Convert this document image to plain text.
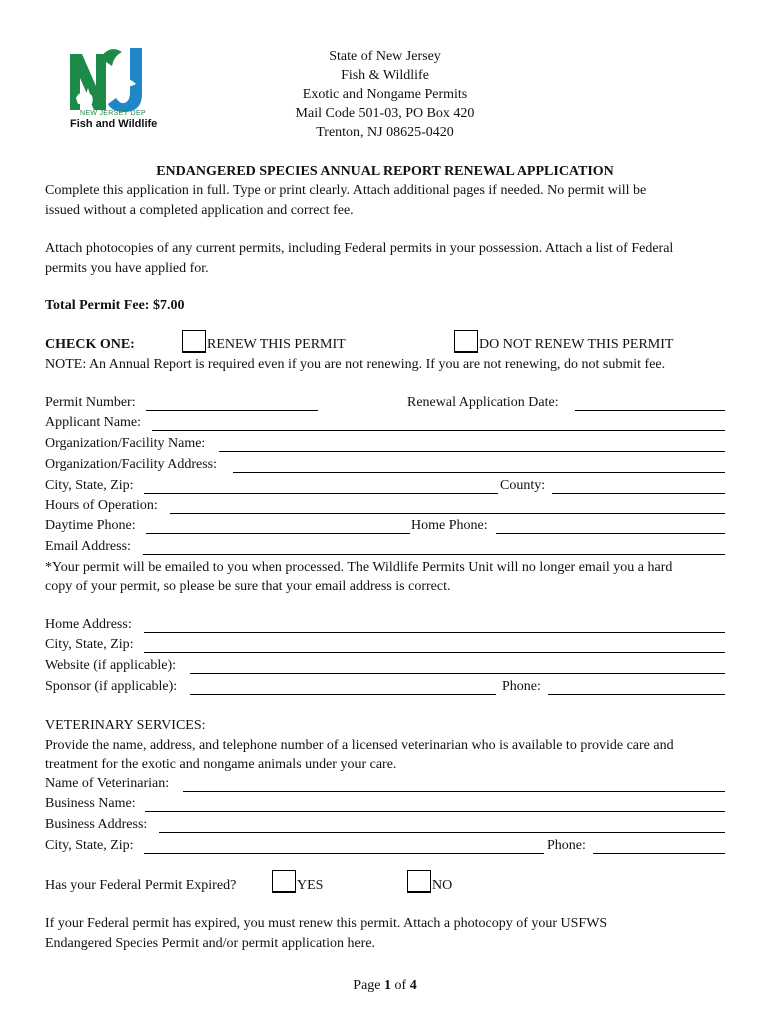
NEW JERSEY DEP
Fish and Wildlife
State of New Jersey
Fish & Wildlife
Exotic and Nongame Permits
Mail Code 501-03, PO Box 420
Trenton, NJ 08625-0420
ENDANGERED SPECIES ANNUAL REPORT RENEWAL APPLICATION
Complete this application in full. Type or print clearly. Attach additional pages if needed. No permit will be
issued without a completed application and correct fee.
Attach photocopies of any current permits, including Federal permits in your possession. Attach a list of Federal
permits you have applied for.
Total Permit Fee: $7.00
CHECK ONE:	RENEW THIS PERMIT	DO NOT RENEW THIS PERMIT
NOTE: An Annual Report is required even if you are not renewing. If you are not renewing, do not submit fee.
Permit Number:	Renewal Application Date:
Applicant Name:
Organization/Facility Name:
Organization/Facility Address:
City, State, Zip:	County:
Hours of Operation:
Daytime Phone:	Home Phone:
Email Address:
*Your permit will be emailed to you when processed. The Wildlife Permits Unit will no longer email you a hard
copy of your permit, so please be sure that your email address is correct.
Home Address:
City, State, Zip:
Website (if applicable):
Sponsor (if applicable):	Phone:
VETERINARY SERVICES:
Provide the name, address, and telephone number of a licensed veterinarian who is available to provide care and
treatment for the exotic and nongame animals under your care.
Name of Veterinarian:
Business Name:
Business Address:
City, State, Zip:	Phone:
Has your Federal Permit Expired?	YES	NO
If your Federal permit has expired, you must renew this permit. Attach a photocopy of your USFWS
Endangered Species Permit and/or permit application here.
Page 1 of 4
